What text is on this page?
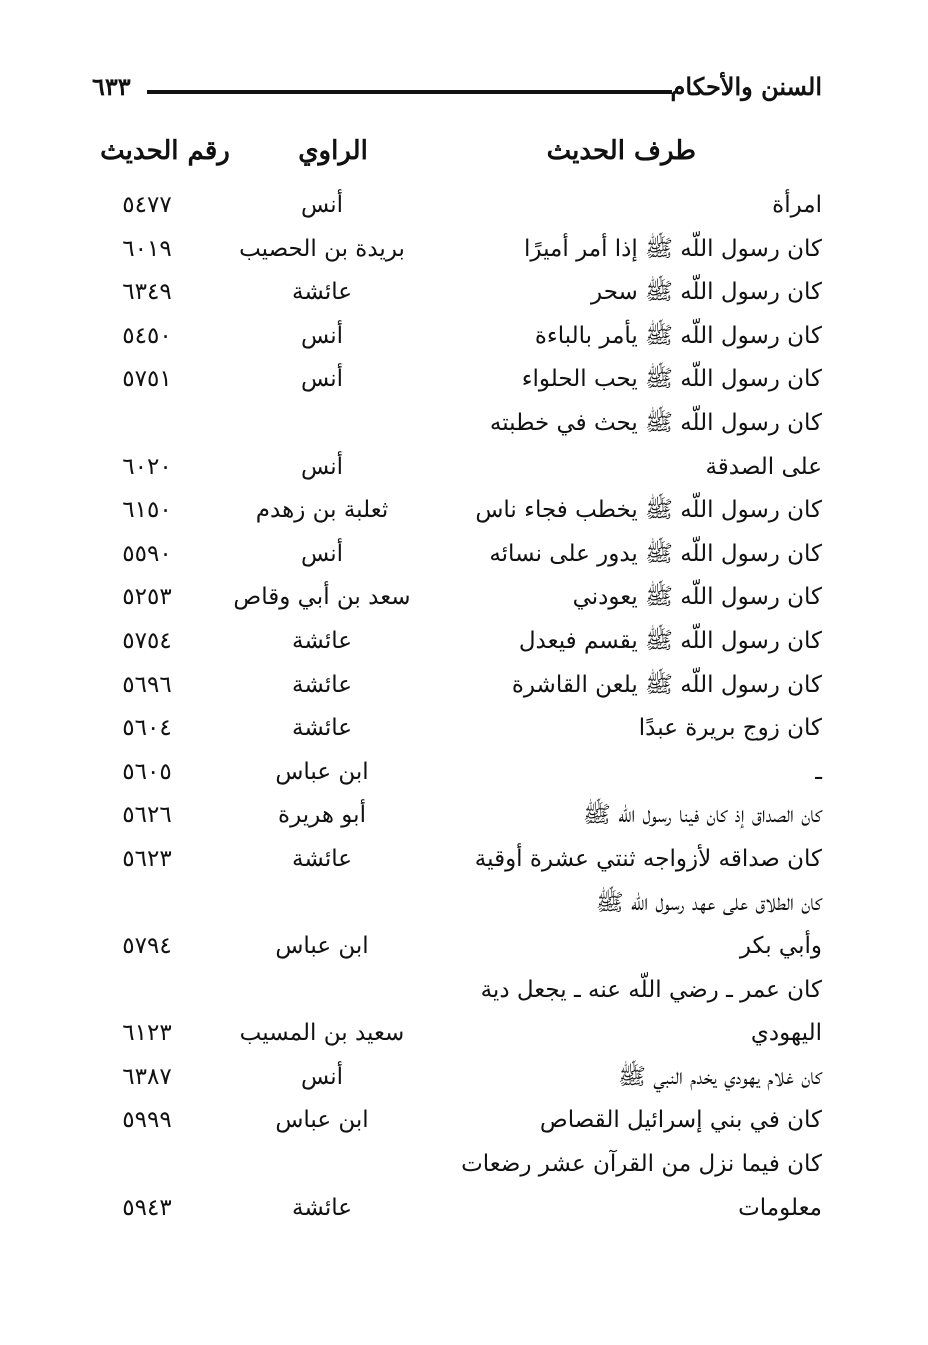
السنن والأحكام
٦٣٣
طرف الحديث
الراوي
رقم الحديث
امرأة
أنس
٥٤٧٧
كان رسول اللّه ﷺ إذا أمر أميرًا
بريدة بن الحصيب
٦٠١٩
كان رسول اللّه ﷺ سحر
عائشة
٦٣٤٩
كان رسول اللّه ﷺ يأمر بالباءة
أنس
٥٤٥٠
كان رسول اللّه ﷺ يحب الحلواء
أنس
٥٧٥١
كان رسول اللّه ﷺ يحث في خطبته
على الصدقة
أنس
٦٠٢٠
كان رسول اللّه ﷺ يخطب فجاء ناس
ثعلبة بن زهدم
٦١٥٠
كان رسول اللّه ﷺ يدور على نسائه
أنس
٥٥٩٠
كان رسول اللّه ﷺ يعودني
سعد بن أبي وقاص
٥٢٥٣
كان رسول اللّه ﷺ يقسم فيعدل
عائشة
٥٧٥٤
كان رسول اللّه ﷺ يلعن القاشرة
عائشة
٥٦٩٦
كان زوج بريرة عبدًا
عائشة
٥٦٠٤
ـ
ابن عباس
٥٦٠٥
كان الصداق إذ كان فينا رسول اللّه ﷺ
أبو هريرة
٥٦٢٦
كان صداقه لأزواجه ثنتي عشرة أوقية
عائشة
٥٦٢٣
كان الطلاق على عهد رسول اللّه ﷺ
وأبي بكر
ابن عباس
٥٧٩٤
كان عمر ـ رضي اللّه عنه ـ يجعل دية
اليهودي
سعيد بن المسيب
٦١٢٣
كان غلام يهودي يخدم النبي ﷺ
أنس
٦٣٨٧
كان في بني إسرائيل القصاص
ابن عباس
٥٩٩٩
كان فيما نزل من القرآن عشر رضعات
معلومات
عائشة
٥٩٤٣
